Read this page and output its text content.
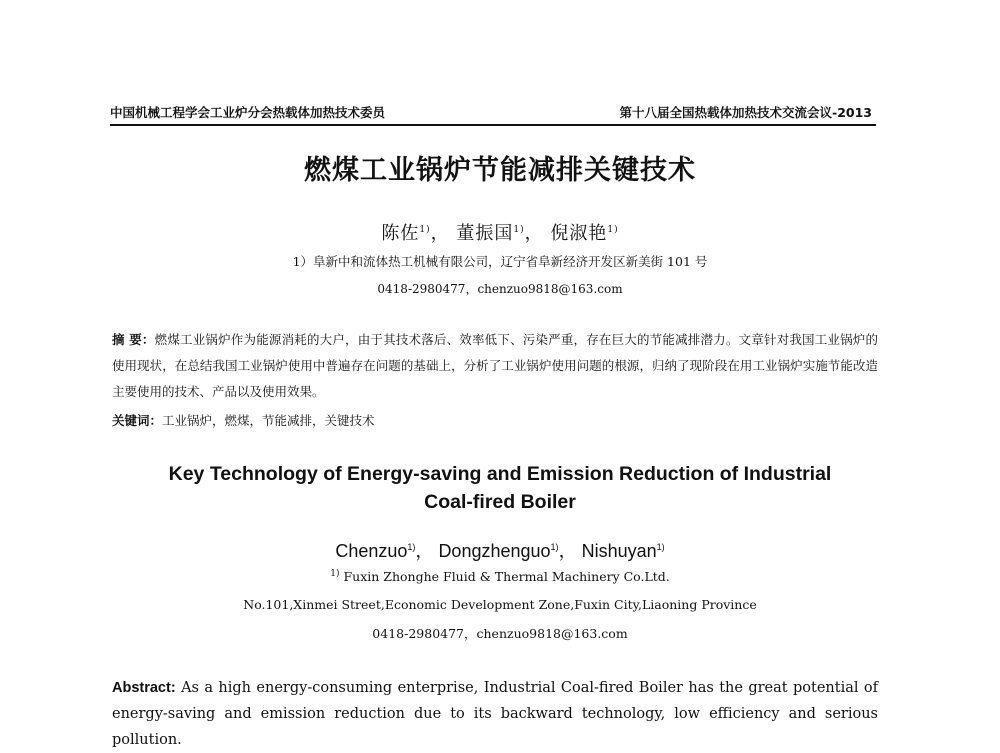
中国机械工程学会工业炉分会热载体加热技术委员	第十八届全国热载体加热技术交流会议-2013
燃煤工业锅炉节能减排关键技术
陈佐$^{1)}$， 董振国$^{1)}$， 倪淑艳$^{1)}$
1）阜新中和流体热工机械有限公司，辽宁省阜新经济开发区新美街 101 号
0418-2980477，chenzuo9818@163.com
摘 要：燃煤工业锅炉作为能源消耗的大户，由于其技术落后、效率低下、污染严重，存在巨大的节能减排潜力。文章针对我国工业锅炉的使用现状，在总结我国工业锅炉使用中普遍存在问题的基础上，分析了工业锅炉使用问题的根源，归纳了现阶段在用工业锅炉实施节能改造主要使用的技术、产品以及使用效果。
关键词：工业锅炉，燃煤，节能减排，关键技术
Key Technology of Energy-saving and Emission Reduction of Industrial
Coal-fired Boiler
Chenzuo$^{1)}$， Dongzhenguo$^{1)}$， Nishuyan$^{1)}$
$^{1)}$ Fuxin Zhonghe Fluid & Thermal Machinery Co.Ltd.
No.101,Xinmei Street,Economic Development Zone,Fuxin City,Liaoning Province
0418-2980477，chenzuo9818@163.com
Abstract: As a high energy-consuming enterprise, Industrial Coal-fired Boiler has the great potential of
energy-saving and emission reduction due to its backward technology, low efficiency and serious pollution.
